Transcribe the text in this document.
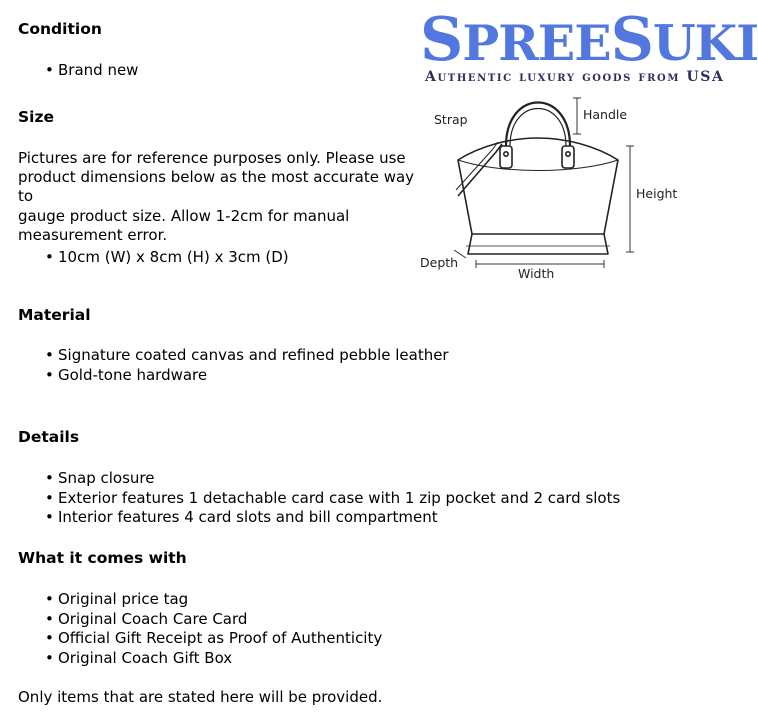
SPREESUKI
Authentic luxury goods from USA
Strap	Handle
Height
Depth
Width
Condition
• Brand new
Size
Pictures are for reference purposes only. Please use
product dimensions below as the most accurate way to
gauge product size. Allow 1-2cm for manual
measurement error.
• 10cm (W) x 8cm (H) x 3cm (D)
Material
• Signature coated canvas and refined pebble leather
• Gold-tone hardware
Details
• Snap closure
• Exterior features 1 detachable card case with 1 zip pocket and 2 card slots
• Interior features 4 card slots and bill compartment
What it comes with
• Original price tag
• Original Coach Care Card
• Official Gift Receipt as Proof of Authenticity
• Original Coach Gift Box
Only items that are stated here will be provided.
